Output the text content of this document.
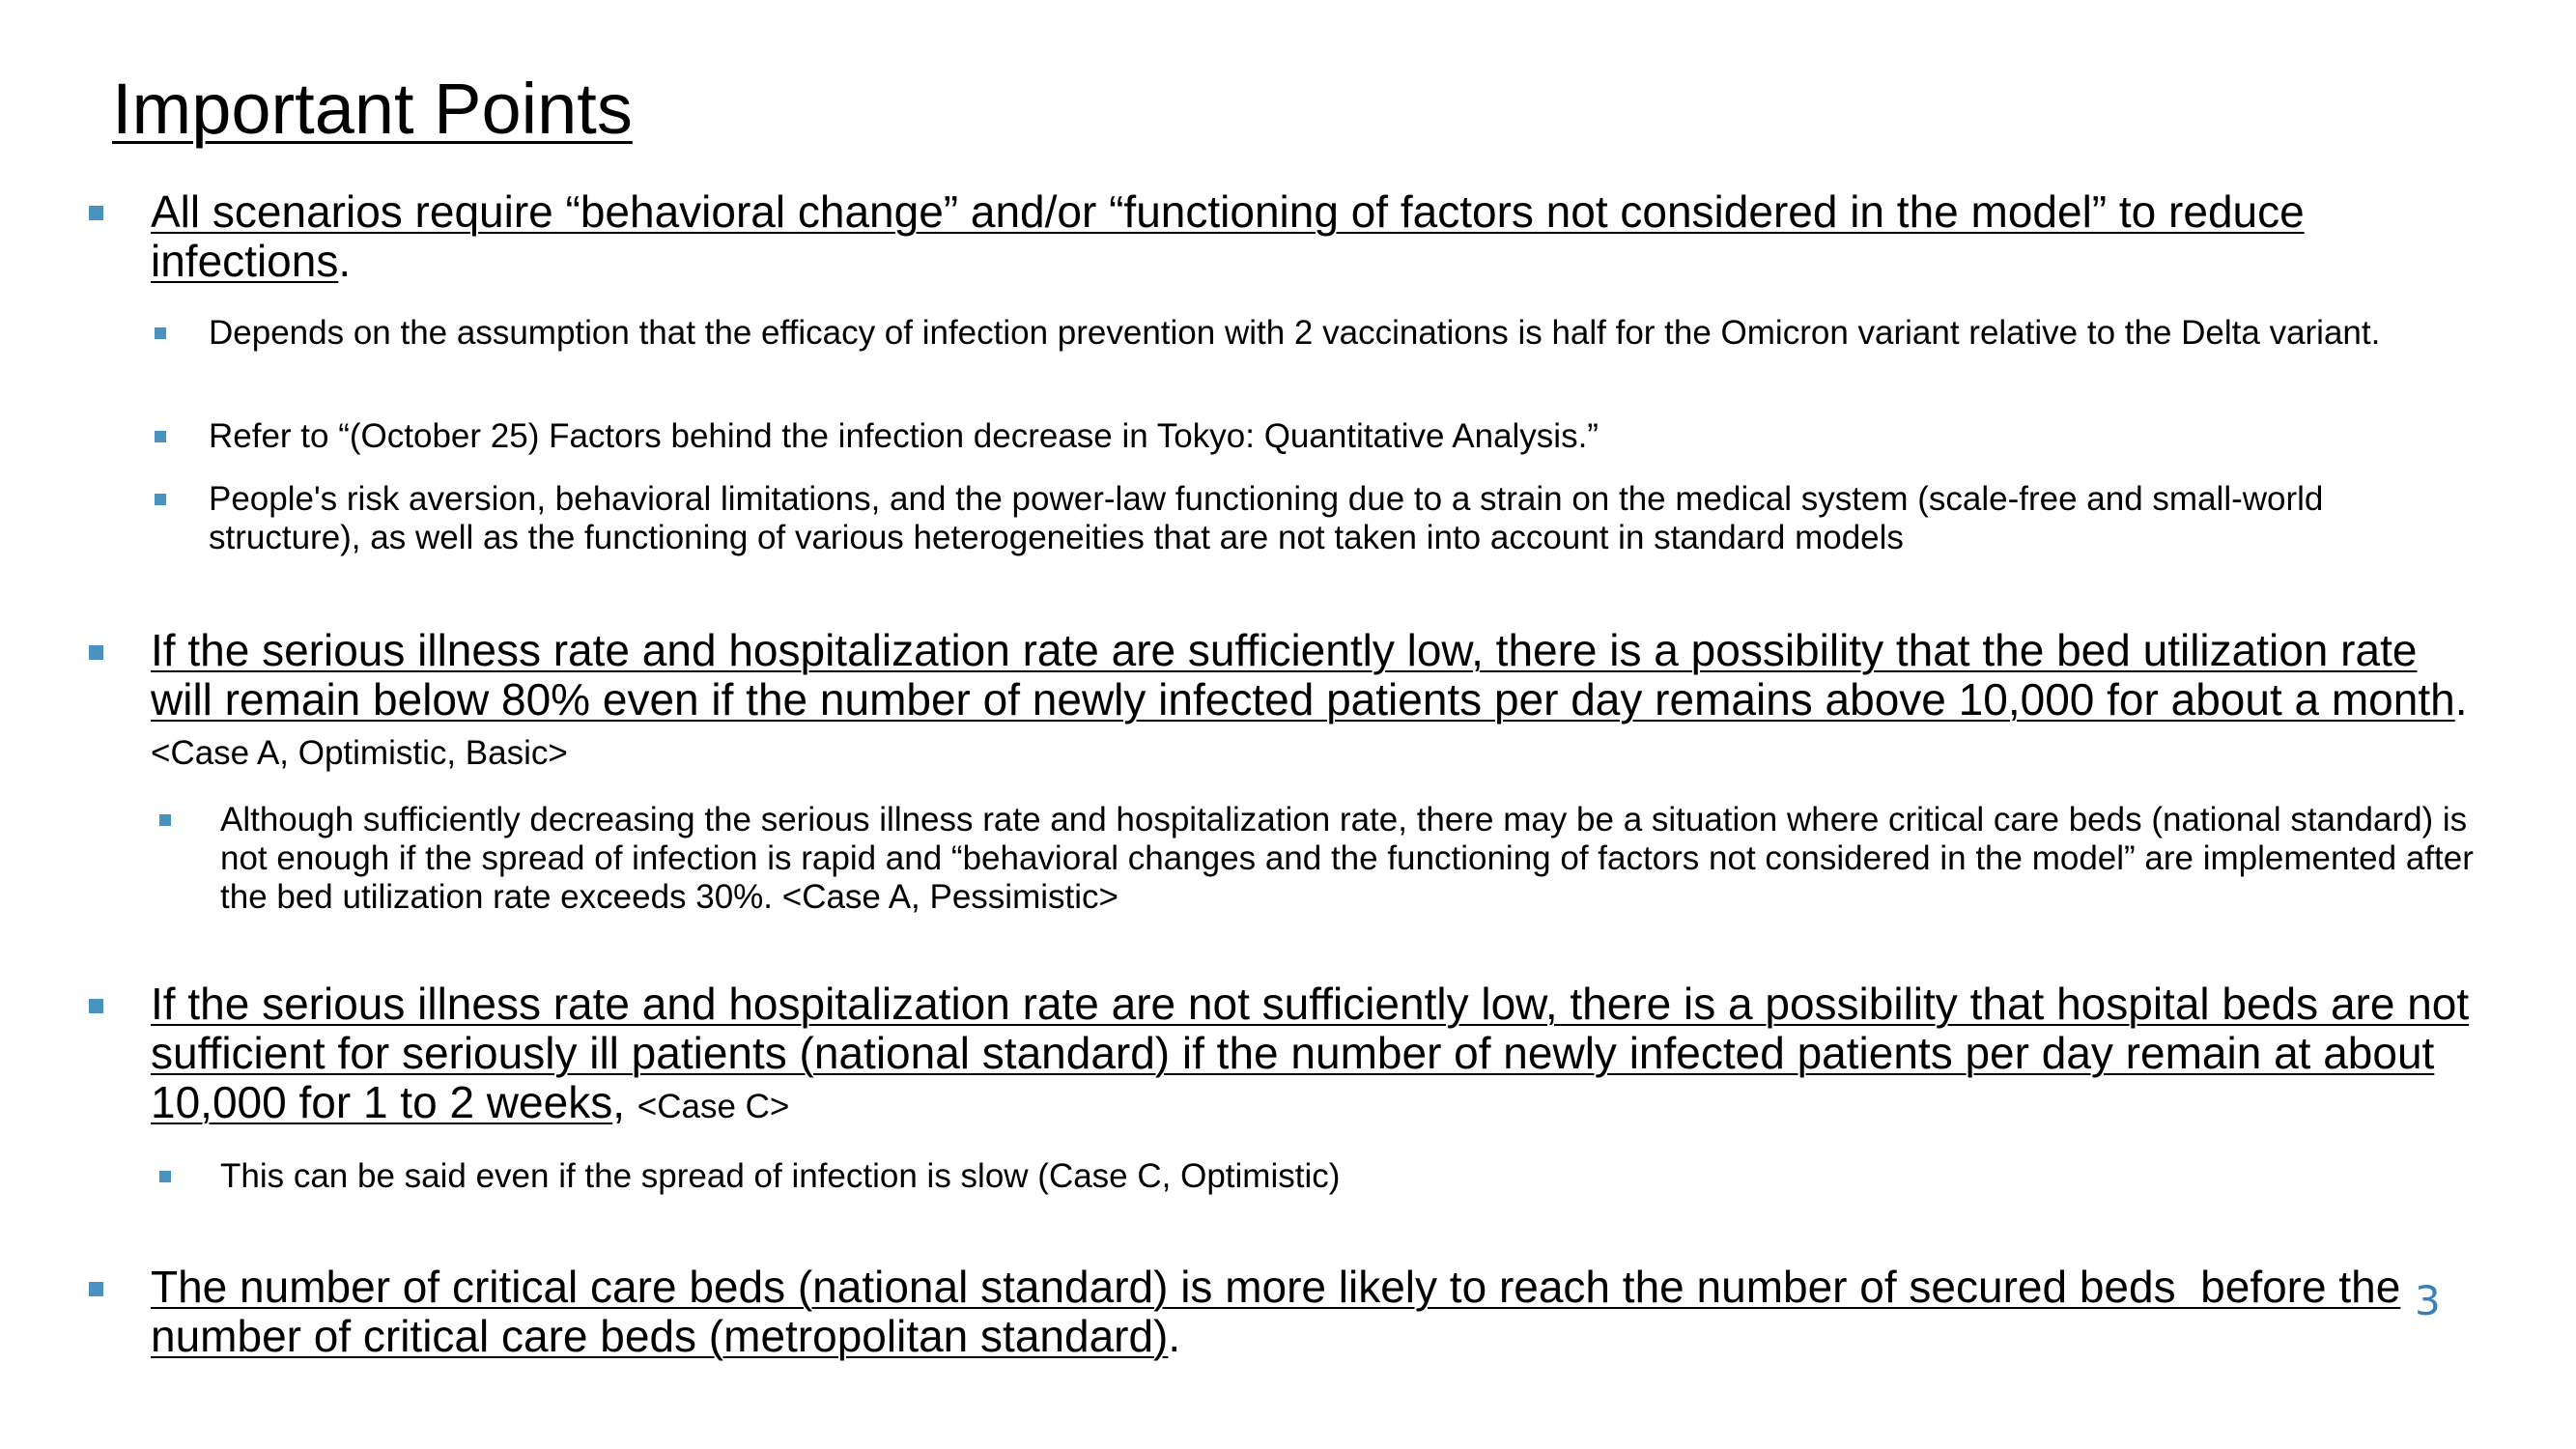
Important Points
All scenarios require “behavioral change” and/or “functioning of factors not considered in the model” to reduce infections.
Depends on the assumption that the efficacy of infection prevention with 2 vaccinations is half for the Omicron variant relative to the Delta variant.
Refer to “(October 25) Factors behind the infection decrease in Tokyo: Quantitative Analysis.”
People's risk aversion, behavioral limitations, and the power-law functioning due to a strain on the medical system (scale-free and small-world structure), as well as the functioning of various heterogeneities that are not taken into account in standard models
If the serious illness rate and hospitalization rate are sufficiently low, there is a possibility that the bed utilization rate will remain below 80% even if the number of newly infected patients per day remains above 10,000 for about a month. <Case A, Optimistic, Basic>
Although sufficiently decreasing the serious illness rate and hospitalization rate, there may be a situation where critical care beds (national standard) is not enough if the spread of infection is rapid and “behavioral changes and the functioning of factors not considered in the model” are implemented after the bed utilization rate exceeds 30%. <Case A, Pessimistic>
If the serious illness rate and hospitalization rate are not sufficiently low, there is a possibility that hospital beds are not sufficient for seriously ill patients (national standard) if the number of newly infected patients per day remain at about 10,000 for 1 to 2 weeks, <Case C>
This can be said even if the spread of infection is slow (Case C, Optimistic)
The number of critical care beds (national standard) is more likely to reach the number of secured beds  before the number of critical care beds (metropolitan standard).
3
